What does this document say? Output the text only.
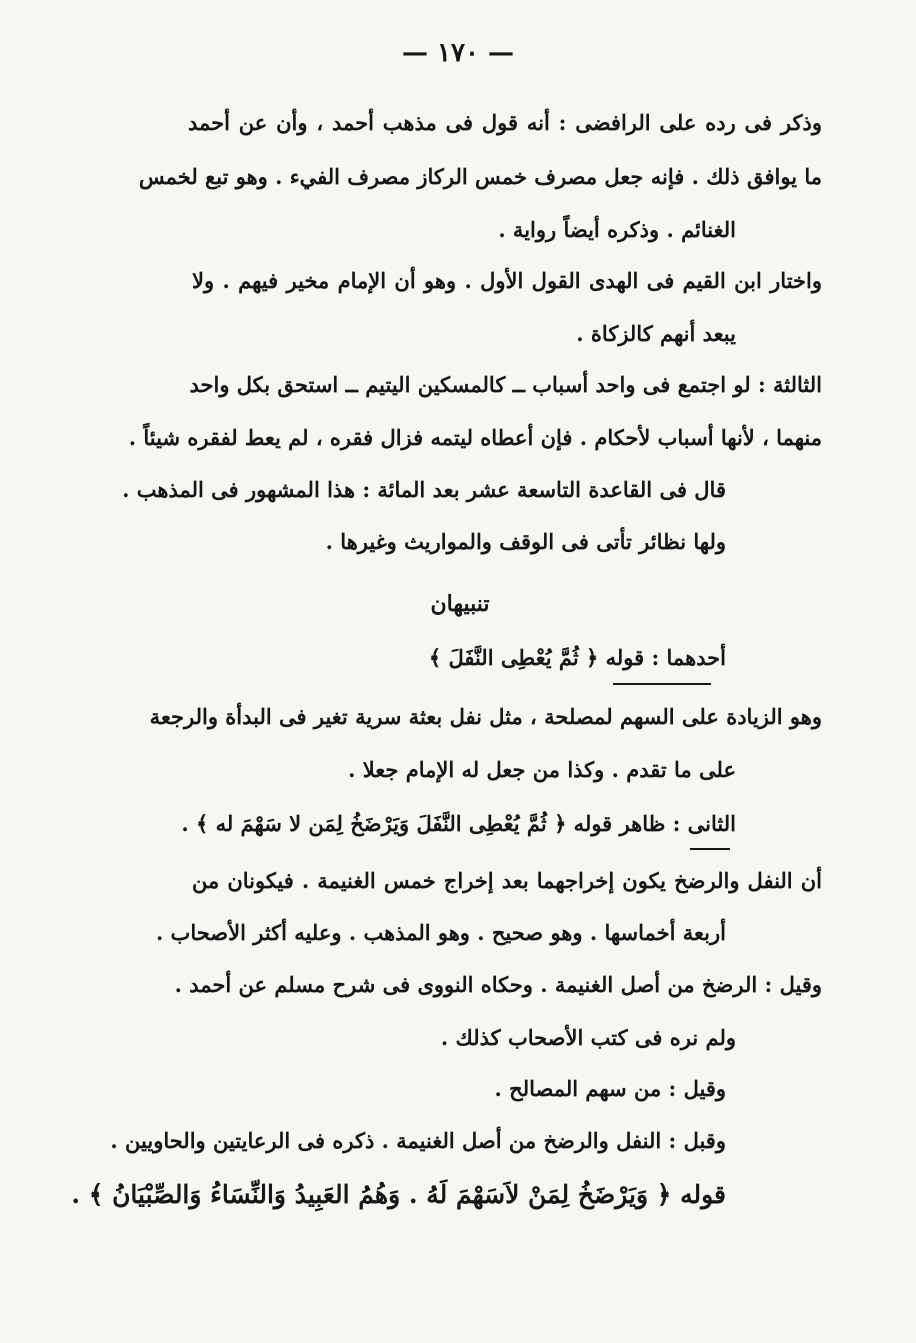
— ١٧٠ —
وذكر فى رده على الرافضى : أنه قول فى مذهب أحمد ، وأن عن أحمد
ما يوافق ذلك . فإنه جعل مصرف خمس الركاز مصرف الفيء . وهو تبع لخمس
الغنائم . وذكره أيضاً رواية .
واختار ابن القيم فى الهدى القول الأول . وهو أن الإمام مخير فيهم . ولا
يبعد أنهم كالزكاة .
الثالثة : لو اجتمع فى واحد أسباب ــ كالمسكين اليتيم ــ استحق بكل واحد
منهما ، لأنها أسباب لأحكام . فإن أعطاه ليتمه فزال فقره ، لم يعط لفقره شيئاً .
قال فى القاعدة التاسعة عشر بعد المائة : هذا المشهور فى المذهب .
ولها نظائر تأتى فى الوقف والمواريث وغيرها .
تنبيهان
أحدهما : قوله ﴿ ثُمَّ يُعْطِى النَّفَلَ ﴾
وهو الزيادة على السهم لمصلحة ، مثل نفل بعثة سرية تغير فى البدأة والرجعة
على ما تقدم . وكذا من جعل له الإمام جعلا .
الثانى : ظاهر قوله ﴿ ثُمَّ يُعْطِى النَّفَلَ وَيَرْضَخُ لِمَن لا سَهْمَ له ﴾ .
أن النفل والرضخ يكون إخراجهما بعد إخراج خمس الغنيمة . فيكونان من
أربعة أخماسها . وهو صحيح . وهو المذهب . وعليه أكثر الأصحاب .
وقيل : الرضخ من أصل الغنيمة . وحكاه النووى فى شرح مسلم عن أحمد .
ولم نره فى كتب الأصحاب كذلك .
وقيل : من سهم المصالح .
وقبل : النفل والرضخ من أصل الغنيمة . ذكره فى الرعايتين والحاويين .
قوله ﴿ وَيَرْضَخُ لِمَنْ لاَسَهْمَ لَهُ . وَهُمُ العَبِيدُ وَالنِّسَاءُ وَالصِّبْيَانُ ﴾ .
